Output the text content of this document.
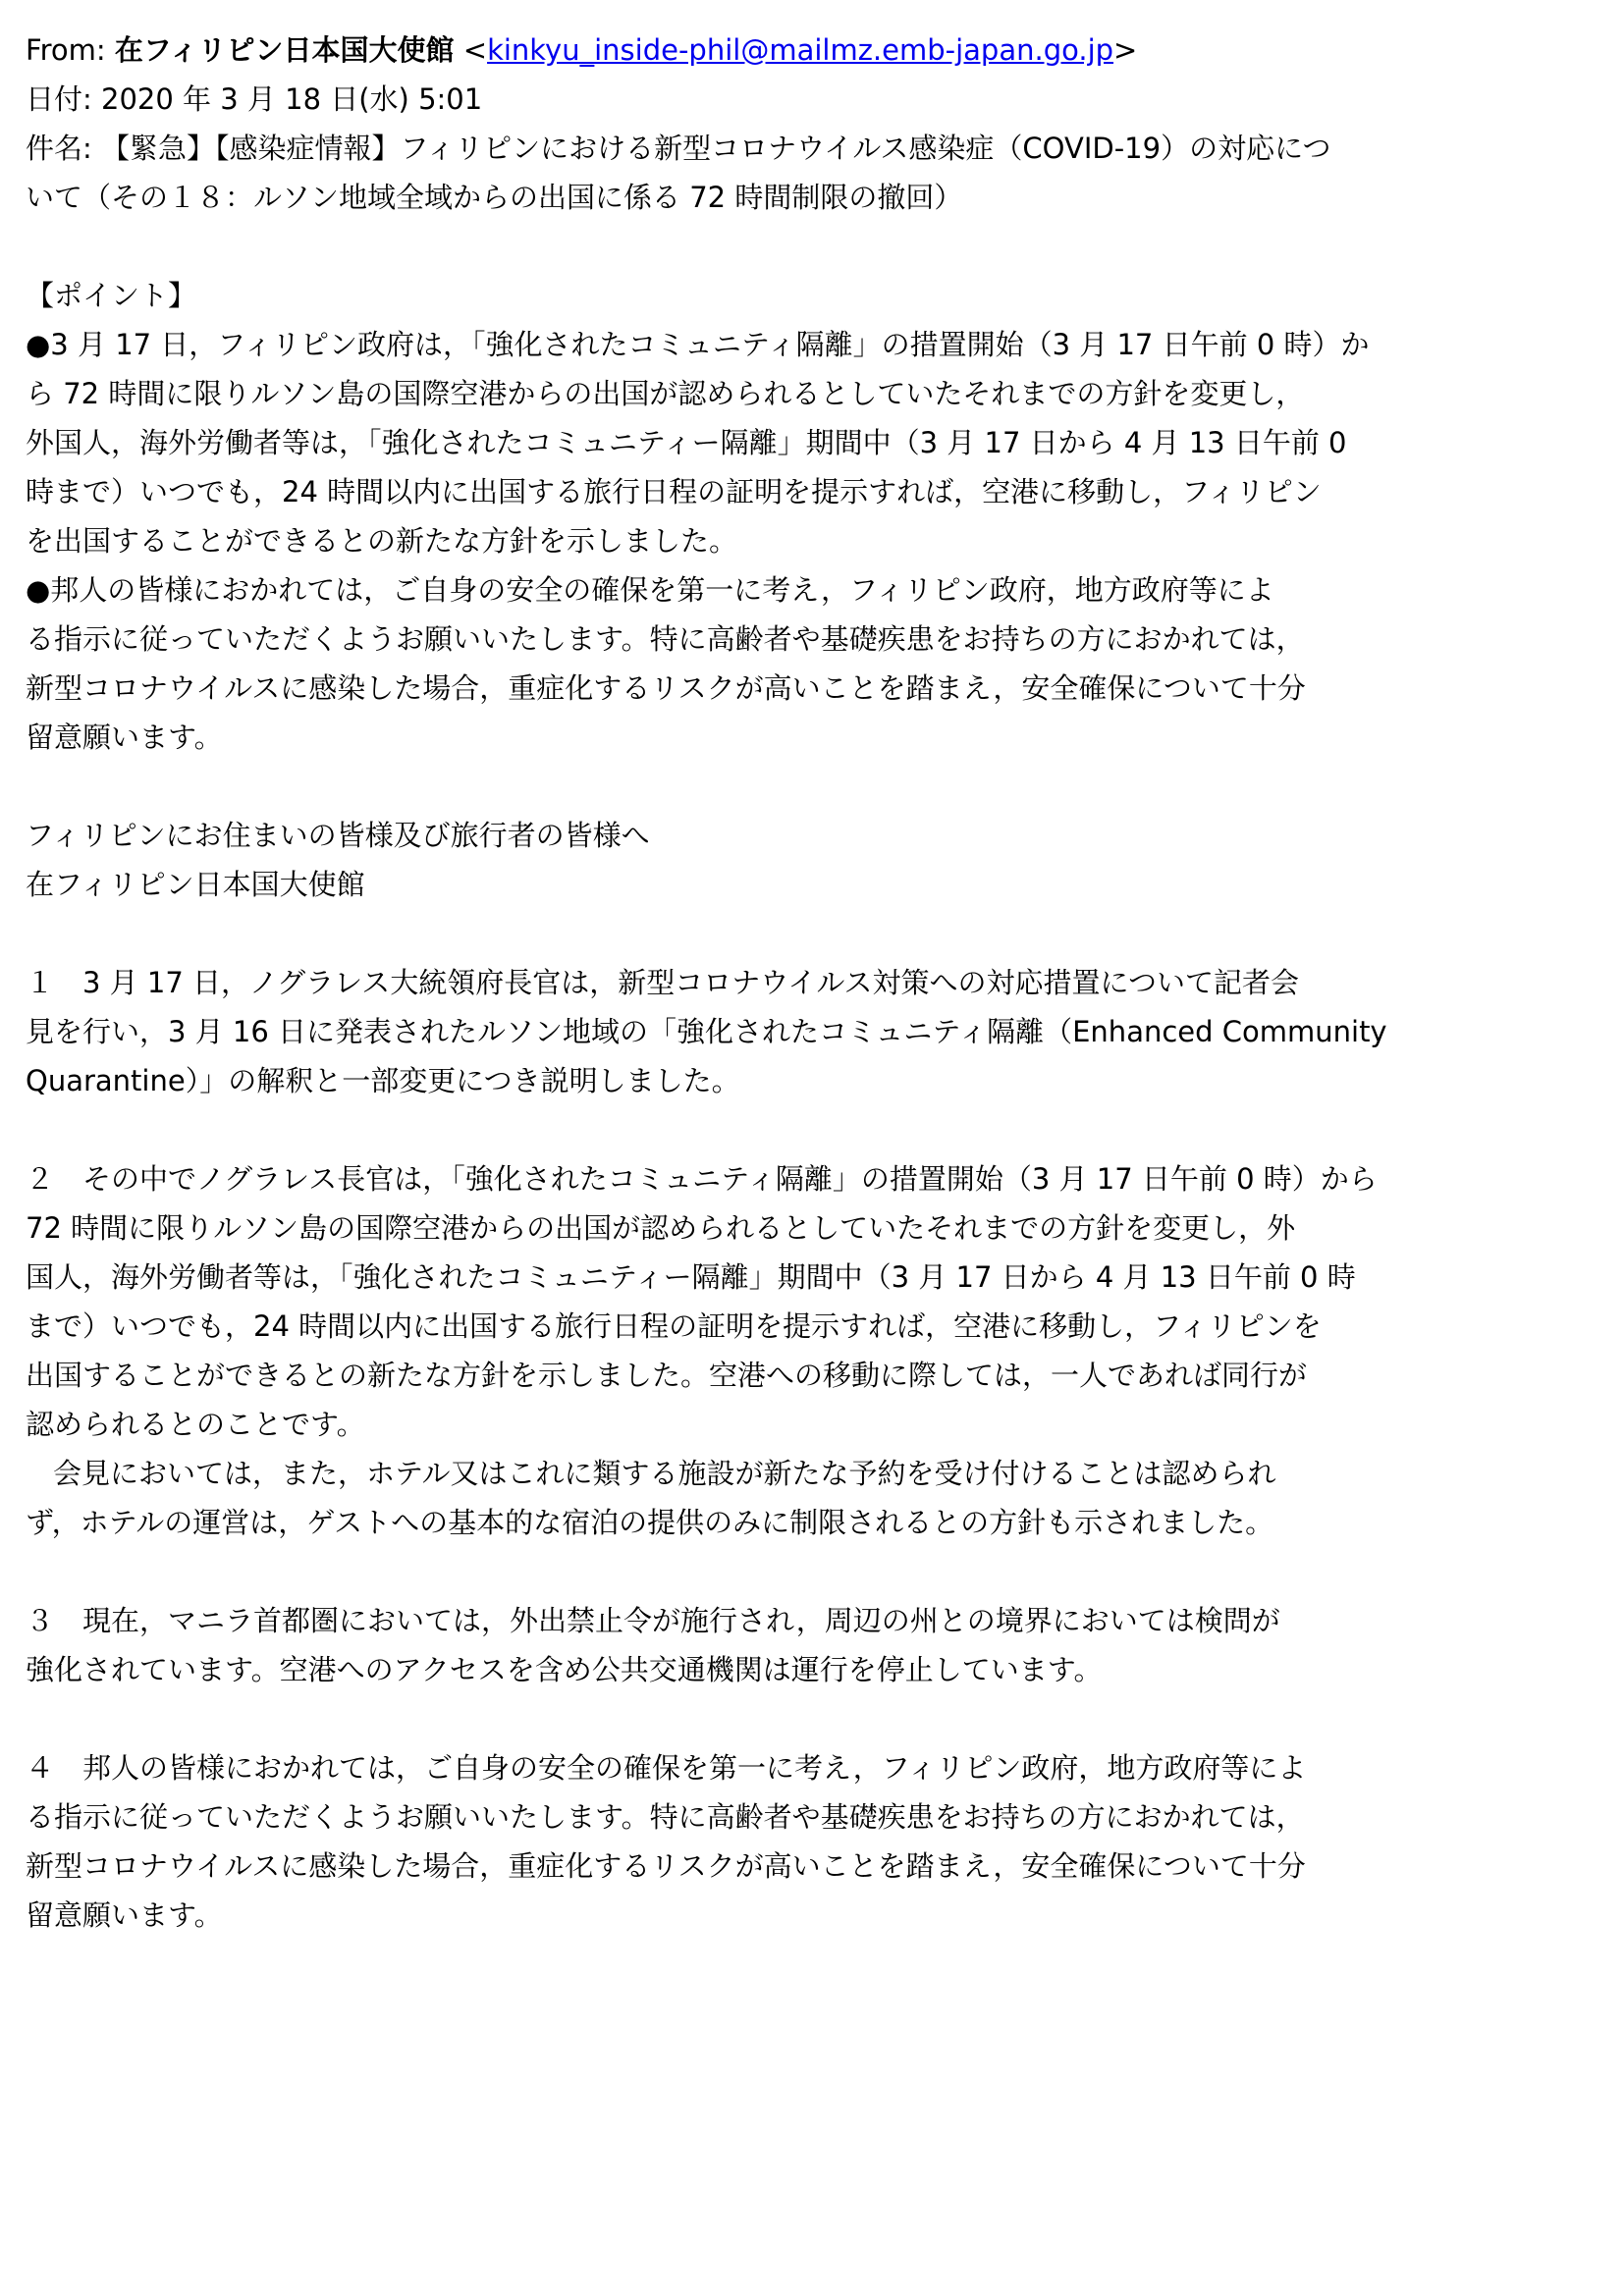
From: 在フィリピン日本国大使館 <kinkyu_inside-phil@mailmz.emb-japan.go.jp>
日付: 2020 年 3 月 18 日(水) 5:01
件名: 【緊急】【感染症情報】フィリピンにおける新型コロナウイルス感染症（COVID-19）の対応につ
いて（その１８：ルソン地域全域からの出国に係る 72 時間制限の撤回）
【ポイント】
●3 月 17 日，フィリピン政府は，「強化されたコミュニティ隔離」の措置開始（3 月 17 日午前 0 時）か
ら 72 時間に限りルソン島の国際空港からの出国が認められるとしていたそれまでの方針を変更し，
外国人，海外労働者等は，「強化されたコミュニティー隔離」期間中（3 月 17 日から 4 月 13 日午前 0
時まで）いつでも，24 時間以内に出国する旅行日程の証明を提示すれば，空港に移動し，フィリピン
を出国することができるとの新たな方針を示しました。
●邦人の皆様におかれては，ご自身の安全の確保を第一に考え，フィリピン政府，地方政府等によ
る指示に従っていただくようお願いいたします。特に高齢者や基礎疾患をお持ちの方におかれては，
新型コロナウイルスに感染した場合，重症化するリスクが高いことを踏まえ，安全確保について十分
留意願います。
フィリピンにお住まいの皆様及び旅行者の皆様へ
在フィリピン日本国大使館
１　3 月 17 日，ノグラレス大統領府長官は，新型コロナウイルス対策への対応措置について記者会
見を行い，3 月 16 日に発表されたルソン地域の「強化されたコミュニティ隔離（Enhanced Community
Quarantine）」の解釈と一部変更につき説明しました。
２　その中でノグラレス長官は，「強化されたコミュニティ隔離」の措置開始（3 月 17 日午前 0 時）から
72 時間に限りルソン島の国際空港からの出国が認められるとしていたそれまでの方針を変更し，外
国人，海外労働者等は，「強化されたコミュニティー隔離」期間中（3 月 17 日から 4 月 13 日午前 0 時
まで）いつでも，24 時間以内に出国する旅行日程の証明を提示すれば，空港に移動し，フィリピンを
出国することができるとの新たな方針を示しました。空港への移動に際しては，一人であれば同行が
認められるとのことです。
会見においては，また，ホテル又はこれに類する施設が新たな予約を受け付けることは認められ
ず，ホテルの運営は，ゲストへの基本的な宿泊の提供のみに制限されるとの方針も示されました。
３　現在，マニラ首都圏においては，外出禁止令が施行され，周辺の州との境界においては検問が
強化されています。空港へのアクセスを含め公共交通機関は運行を停止しています。
４　邦人の皆様におかれては，ご自身の安全の確保を第一に考え，フィリピン政府，地方政府等によ
る指示に従っていただくようお願いいたします。特に高齢者や基礎疾患をお持ちの方におかれては，
新型コロナウイルスに感染した場合，重症化するリスクが高いことを踏まえ，安全確保について十分
留意願います。
